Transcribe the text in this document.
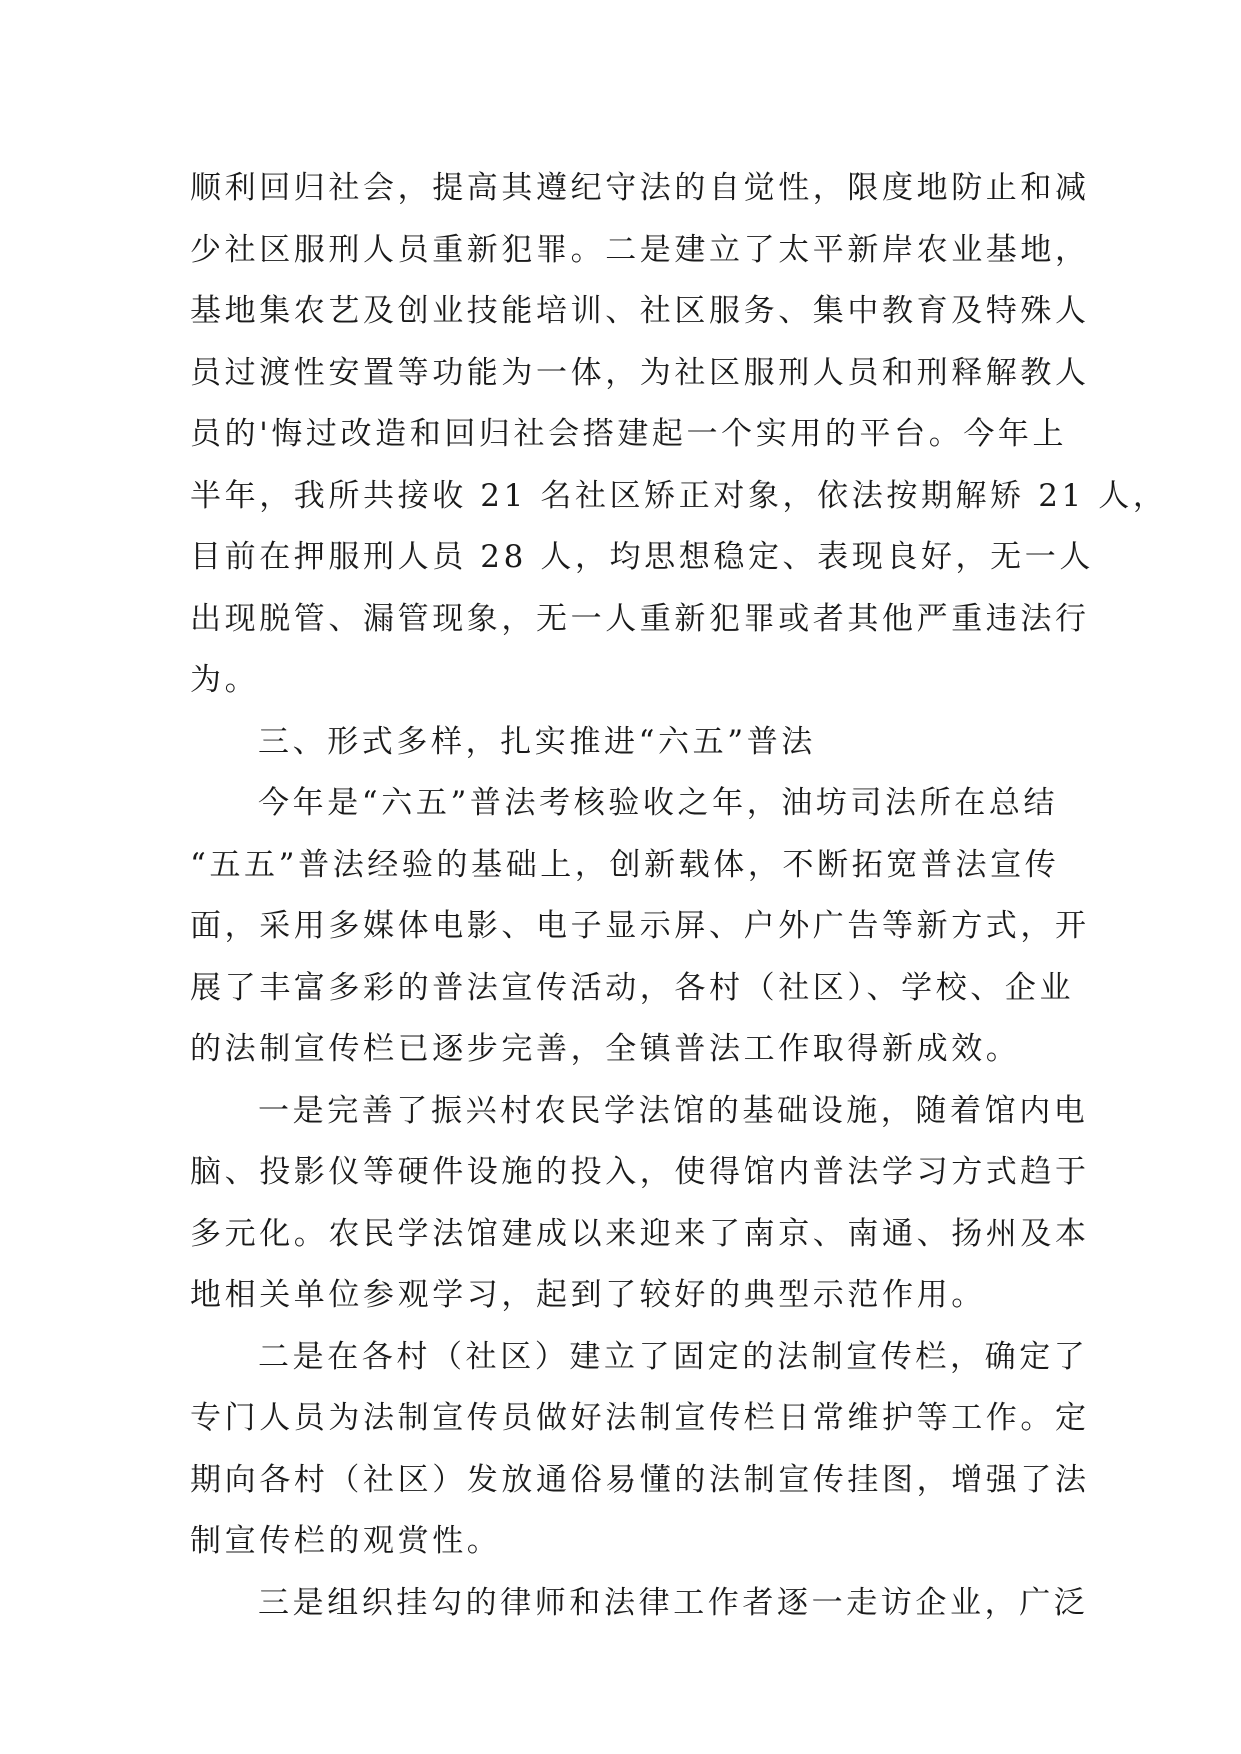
顺利回归社会，提高其遵纪守法的自觉性，限度地防止和减
少社区服刑人员重新犯罪。二是建立了太平新岸农业基地，
基地集农艺及创业技能培训、社区服务、集中教育及特殊人
员过渡性安置等功能为一体，为社区服刑人员和刑释解教人
员的'悔过改造和回归社会搭建起一个实用的平台。今年上
半年，我所共接收 21 名社区矫正对象，依法按期解矫 21 人，
目前在押服刑人员 28 人，均思想稳定、表现良好，无一人
出现脱管、漏管现象，无一人重新犯罪或者其他严重违法行
为。
三、形式多样，扎实推进“六五”普法
今年是“六五”普法考核验收之年，油坊司法所在总结
“五五”普法经验的基础上，创新载体，不断拓宽普法宣传
面，采用多媒体电影、电子显示屏、户外广告等新方式，开
展了丰富多彩的普法宣传活动，各村（社区）、学校、企业
的法制宣传栏已逐步完善，全镇普法工作取得新成效。
一是完善了振兴村农民学法馆的基础设施，随着馆内电
脑、投影仪等硬件设施的投入，使得馆内普法学习方式趋于
多元化。农民学法馆建成以来迎来了南京、南通、扬州及本
地相关单位参观学习，起到了较好的典型示范作用。
二是在各村（社区）建立了固定的法制宣传栏，确定了
专门人员为法制宣传员做好法制宣传栏日常维护等工作。定
期向各村（社区）发放通俗易懂的法制宣传挂图，增强了法
制宣传栏的观赏性。
三是组织挂勾的律师和法律工作者逐一走访企业，广泛
